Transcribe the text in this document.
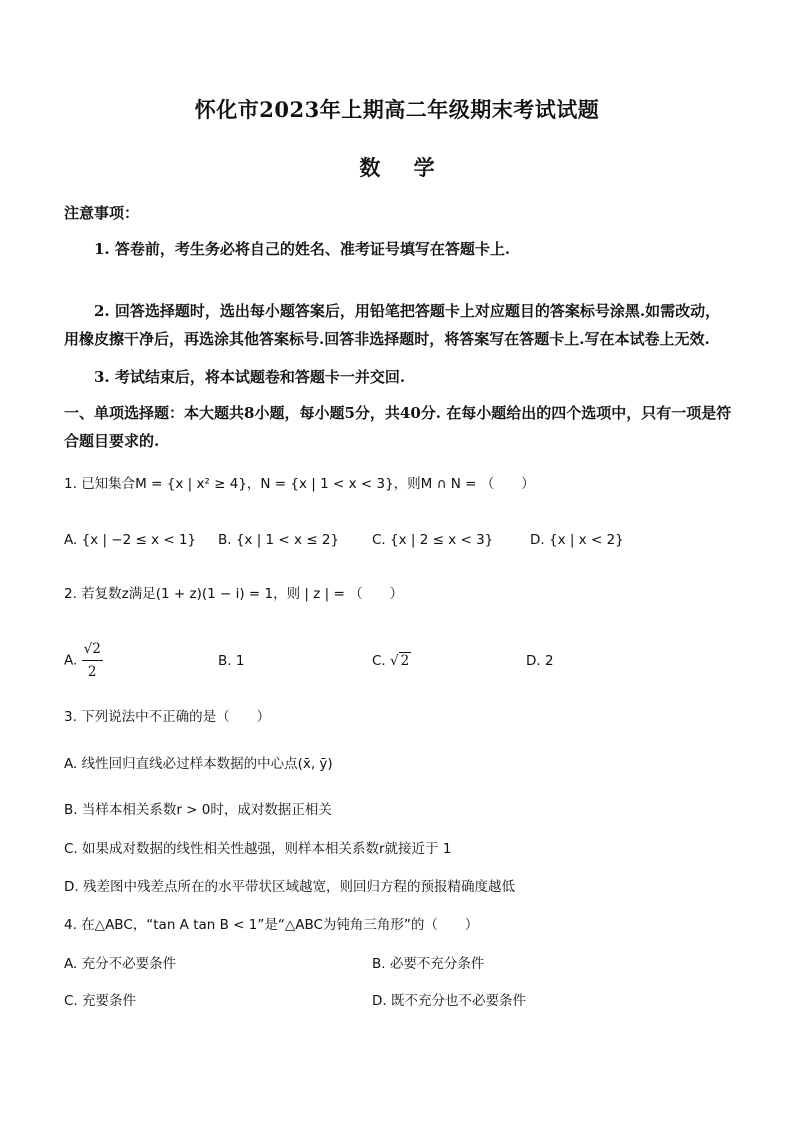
怀化市2023年上期高二年级期末考试试题
数 学
注意事项：
1. 答卷前，考生务必将自己的姓名、准考证号填写在答题卡上.
2. 回答选择题时，选出每小题答案后，用铅笔把答题卡上对应题目的答案标号涂黑.如需改动，用橡皮擦干净后，再选涂其他答案标号.回答非选择题时，将答案写在答题卡上.写在本试卷上无效.
3. 考试结束后，将本试题卷和答题卡一并交回.
一、单项选择题：本大题共8小题，每小题5分，共40分. 在每小题给出的四个选项中，只有一项是符合题目要求的.
1. 已知集合M = {x | x² ≥ 4}，N = {x | 1 < x < 3}，则M ∩ N = （　　）
A. {x | −2 ≤ x < 1} B. {x | 1 < x ≤ 2} C. {x | 2 ≤ x < 3}	D. {x | x < 2}
2. 若复数z满足(1 + z)(1 − i) = 1，则 | z | = （　　）
A. $\frac{√2}{2}$	B. 1	C. √ 2	D. 2
3. 下列说法中不正确的是（　　）
A. 线性回归直线必过样本数据的中心点(x̄, ȳ)
B. 当样本相关系数r > 0时，成对数据正相关
C. 如果成对数据的线性相关性越强，则样本相关系数r就接近于 1
D. 残差图中残差点所在的水平带状区域越宽，则回归方程的预报精确度越低
4. 在△ABC，“tan A tan B < 1”是“△ABC为钝角三角形”的（　　）
A. 充分不必要条件	B. 必要不充分条件
C. 充要条件	D. 既不充分也不必要条件
